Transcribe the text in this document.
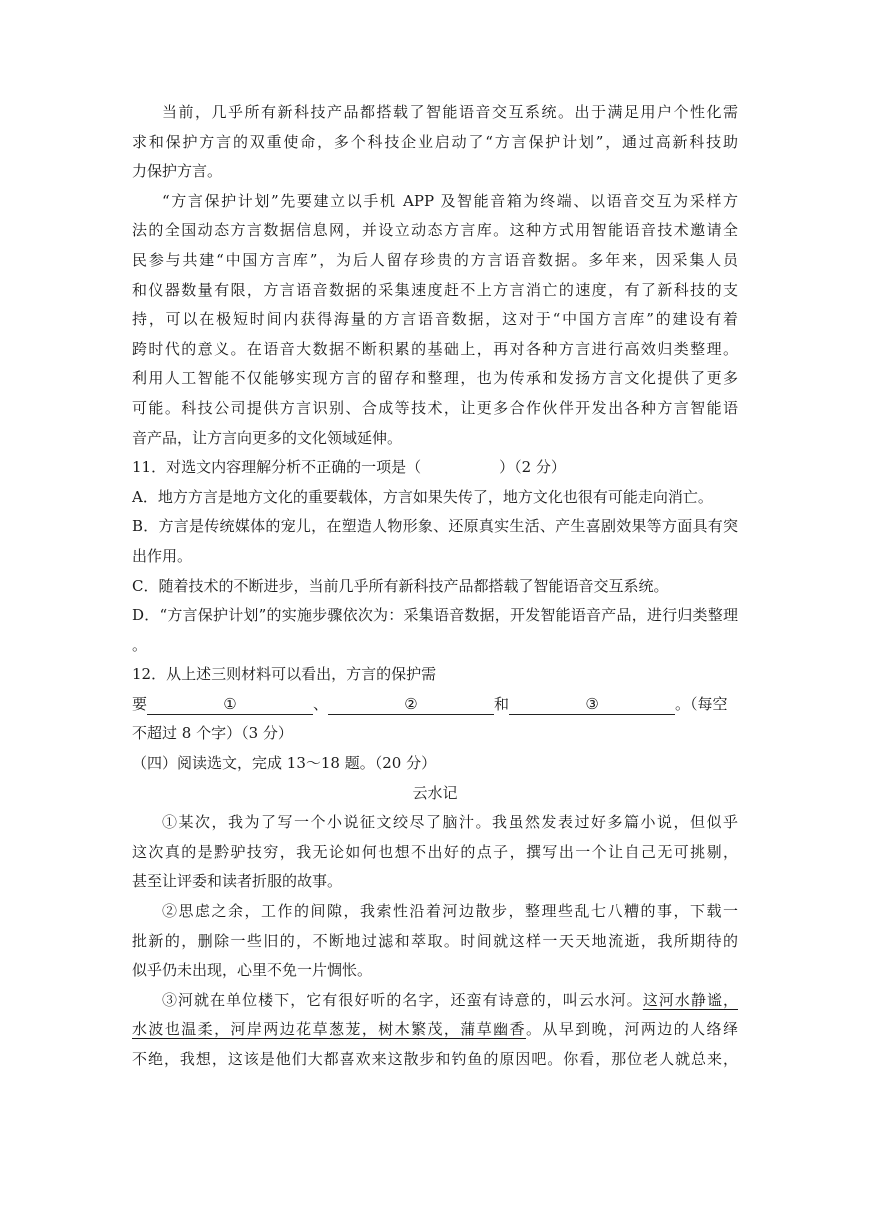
当前，几乎所有新科技产品都搭载了智能语音交互系统。出于满足用户个性化需
求和保护方言的双重使命，多个科技企业启动了“方言保护计划”，通过高新科技助
力保护方言。
“方言保护计划”先要建立以手机 APP 及智能音箱为终端、以语音交互为采样方
法的全国动态方言数据信息网，并设立动态方言库。这种方式用智能语音技术邀请全
民参与共建“中国方言库”，为后人留存珍贵的方言语音数据。多年来，因采集人员
和仪器数量有限，方言语音数据的采集速度赶不上方言消亡的速度，有了新科技的支
持，可以在极短时间内获得海量的方言语音数据，这对于“中国方言库”的建设有着
跨时代的意义。在语音大数据不断积累的基础上，再对各种方言进行高效归类整理。
利用人工智能不仅能够实现方言的留存和整理，也为传承和发扬方言文化提供了更多
可能。科技公司提供方言识别、合成等技术，让更多合作伙伴开发出各种方言智能语
音产品，让方言向更多的文化领域延伸。
11．对选文内容理解分析不正确的一项是（	）（2 分）
A．地方方言是地方文化的重要载体，方言如果失传了，地方文化也很有可能走向消亡。
B．方言是传统媒体的宠儿，在塑造人物形象、还原真实生活、产生喜剧效果等方面具有突
出作用。
C．随着技术的不断进步，当前几乎所有新科技产品都搭载了智能语音交互系统。
D．“方言保护计划”的实施步骤依次为：采集语音数据，开发智能语音产品，进行归类整理
。
12．从上述三则材料可以看出，方言的保护需
要	①	、	②	和	③	。（每空
不超过 8 个字）（3 分）
（四）阅读选文，完成 13～18 题。（20 分）
云水记
①某次，我为了写一个小说征文绞尽了脑汁。我虽然发表过好多篇小说，但似乎
这次真的是黔驴技穷，我无论如何也想不出好的点子，撰写出一个让自己无可挑剔，
甚至让评委和读者折服的故事。
②思虑之余，工作的间隙，我索性沿着河边散步，整理些乱七八糟的事，下载一
批新的，删除一些旧的，不断地过滤和萃取。时间就这样一天天地流逝，我所期待的
似乎仍未出现，心里不免一片惆怅。
③河就在单位楼下，它有很好听的名字，还蛮有诗意的，叫云水河。这河水静谧，
水波也温柔，河岸两边花草葱茏，树木繁茂，蒲草幽香。从早到晚，河两边的人络绎
不绝，我想，这该是他们大都喜欢来这散步和钓鱼的原因吧。你看，那位老人就总来，
